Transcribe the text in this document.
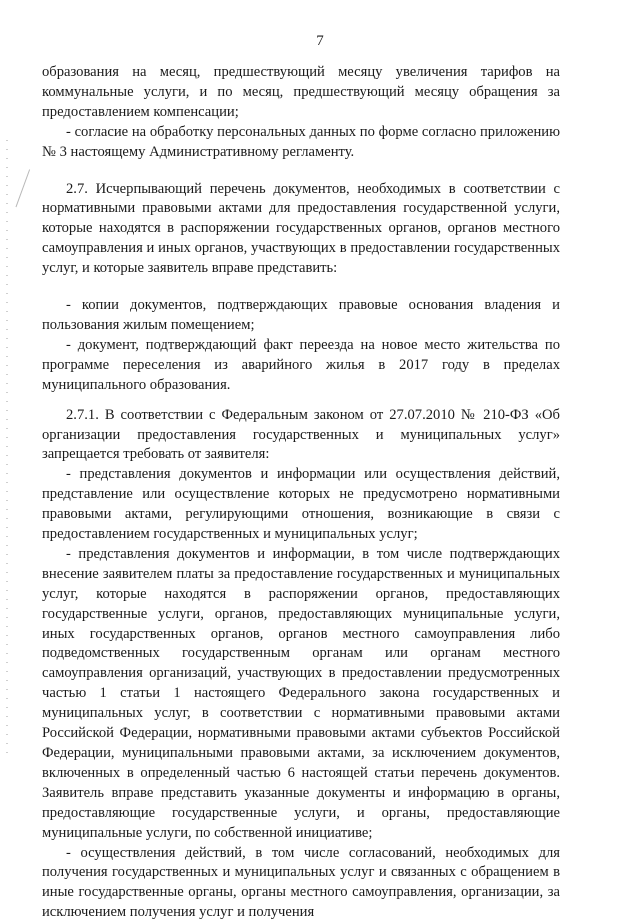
7

образования на месяц, предшествующий месяцу увеличения тарифов на коммунальные услуги, и по месяц, предшествующий месяцу обращения за предоставлением компенсации;

- согласие на обработку персональных данных по форме согласно приложению № 3 настоящему Административному регламенту.

2.7. Исчерпывающий перечень документов, необходимых в соответствии с нормативными правовыми актами для предоставления государственной услуги, которые находятся в распоряжении государственных органов, органов местного самоуправления и иных органов, участвующих в предоставлении государственных услуг, и которые заявитель вправе представить:

- копии документов, подтверждающих правовые основания владения и пользования жилым помещением;

- документ, подтверждающий факт переезда на новое место жительства по программе переселения из аварийного жилья в 2017 году в пределах муниципального образования.

2.7.1. В соответствии с Федеральным законом от 27.07.2010 № 210-ФЗ «Об организации предоставления государственных и муниципальных услуг» запрещается требовать от заявителя:

- представления документов и информации или осуществления действий, представление или осуществление которых не предусмотрено нормативными правовыми актами, регулирующими отношения, возникающие в связи с предоставлением государственных и муниципальных услуг;

- представления документов и информации, в том числе подтверждающих внесение заявителем платы за предоставление государственных и муниципальных услуг, которые находятся в распоряжении органов, предоставляющих государственные услуги, органов, предоставляющих муниципальные услуги, иных государственных органов, органов местного самоуправления либо подведомственных государственным органам или органам местного самоуправления организаций, участвующих в предоставлении предусмотренных частью 1 статьи 1 настоящего Федерального закона государственных и муниципальных услуг, в соответствии с нормативными правовыми актами Российской Федерации, нормативными правовыми актами субъектов Российской Федерации, муниципальными правовыми актами, за исключением документов, включенных в определенный частью 6 настоящей статьи перечень документов. Заявитель вправе представить указанные документы и информацию в органы, предоставляющие государственные услуги, и органы, предоставляющие муниципальные услуги, по собственной инициативе;

- осуществления действий, в том числе согласований, необходимых для получения государственных и муниципальных услуг и связанных с обращением в иные государственные органы, органы местного самоуправления, организации, за исключением получения услуг и получения
